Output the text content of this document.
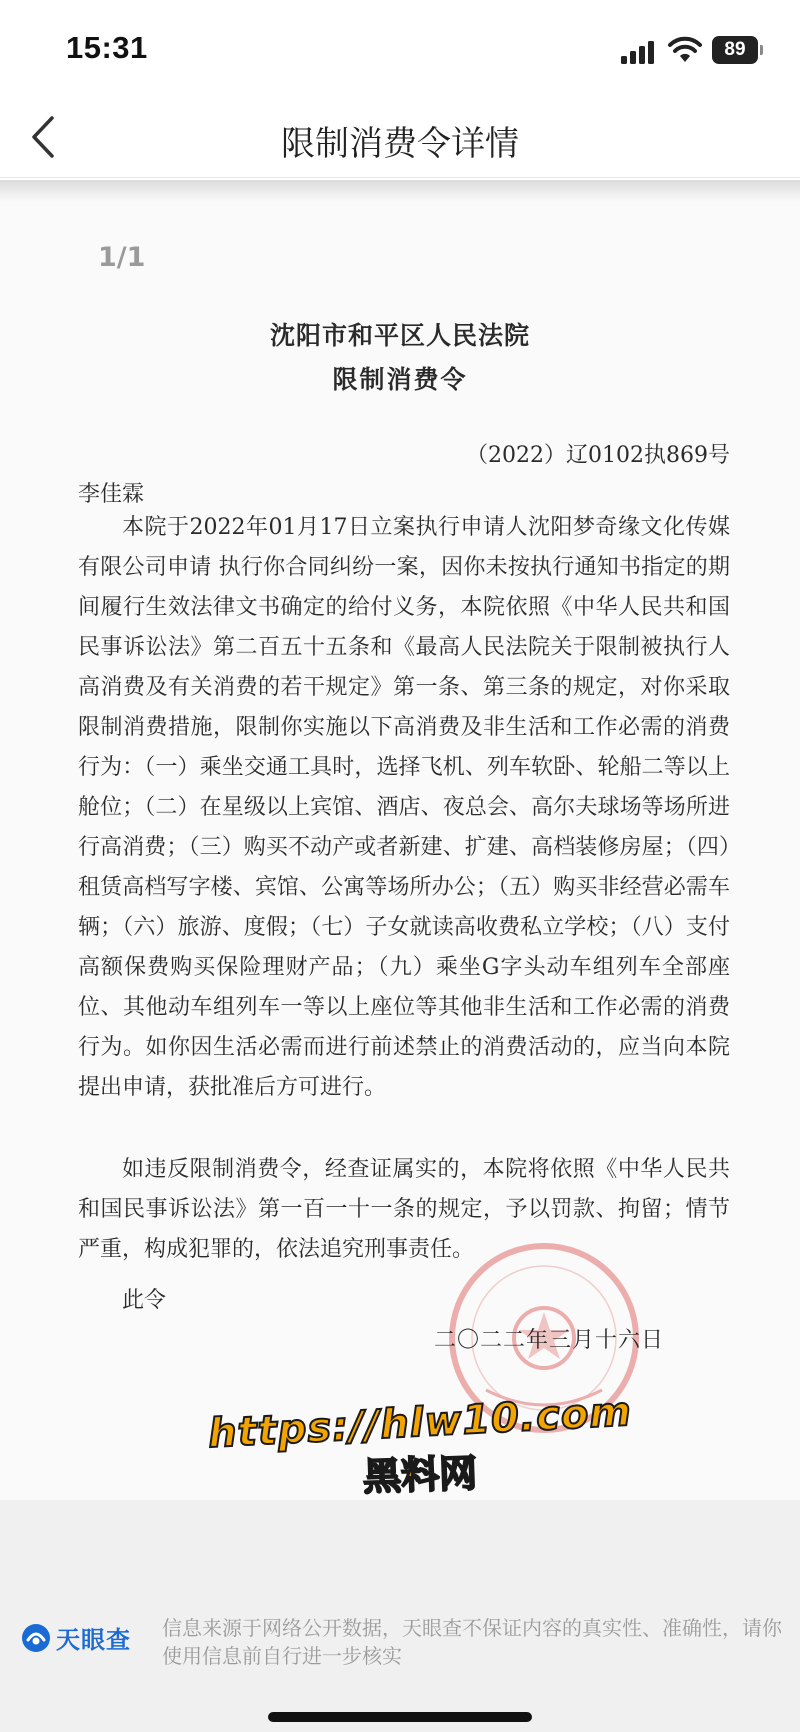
15:31	89
限制消费令详情
1/1
沈阳市和平区人民法院
限制消费令
（2022）辽0102执869号
李佳霖
本院于2022年01月17日立案执行申请人沈阳梦奇缘文化传媒有限公司申请 执行你合同纠纷一案，因你未按执行通知书指定的期间履行生效法律文书确定的给付义务，本院依照《中华人民共和国民事诉讼法》第二百五十五条和《最高人民法院关于限制被执行人高消费及有关消费的若干规定》第一条、第三条的规定，对你采取限制消费措施，限制你实施以下高消费及非生活和工作必需的消费行为：（一）乘坐交通工具时，选择飞机、列车软卧、轮船二等以上舱位；（二）在星级以上宾馆、酒店、夜总会、高尔夫球场等场所进行高消费；（三）购买不动产或者新建、扩建、高档装修房屋；（四）租赁高档写字楼、宾馆、公寓等场所办公；（五）购买非经营必需车辆；（六）旅游、度假；（七）子女就读高收费私立学校；（八）支付高额保费购买保险理财产品；（九）乘坐G字头动车组列车全部座位、其他动车组列车一等以上座位等其他非生活和工作必需的消费行为。如你因生活必需而进行前述禁止的消费活动的，应当向本院提出申请，获批准后方可进行。
如违反限制消费令，经查证属实的，本院将依照《中华人民共和国民事诉讼法》第一百一十一条的规定，予以罚款、拘留；情节严重，构成犯罪的，依法追究刑事责任。
此令
二〇二二年三月十六日
https://hlw10.com
黑料网
天眼查 信息来源于网络公开数据，天眼查不保证内容的真实性、准确性，请你使用信息前自行进一步核实
